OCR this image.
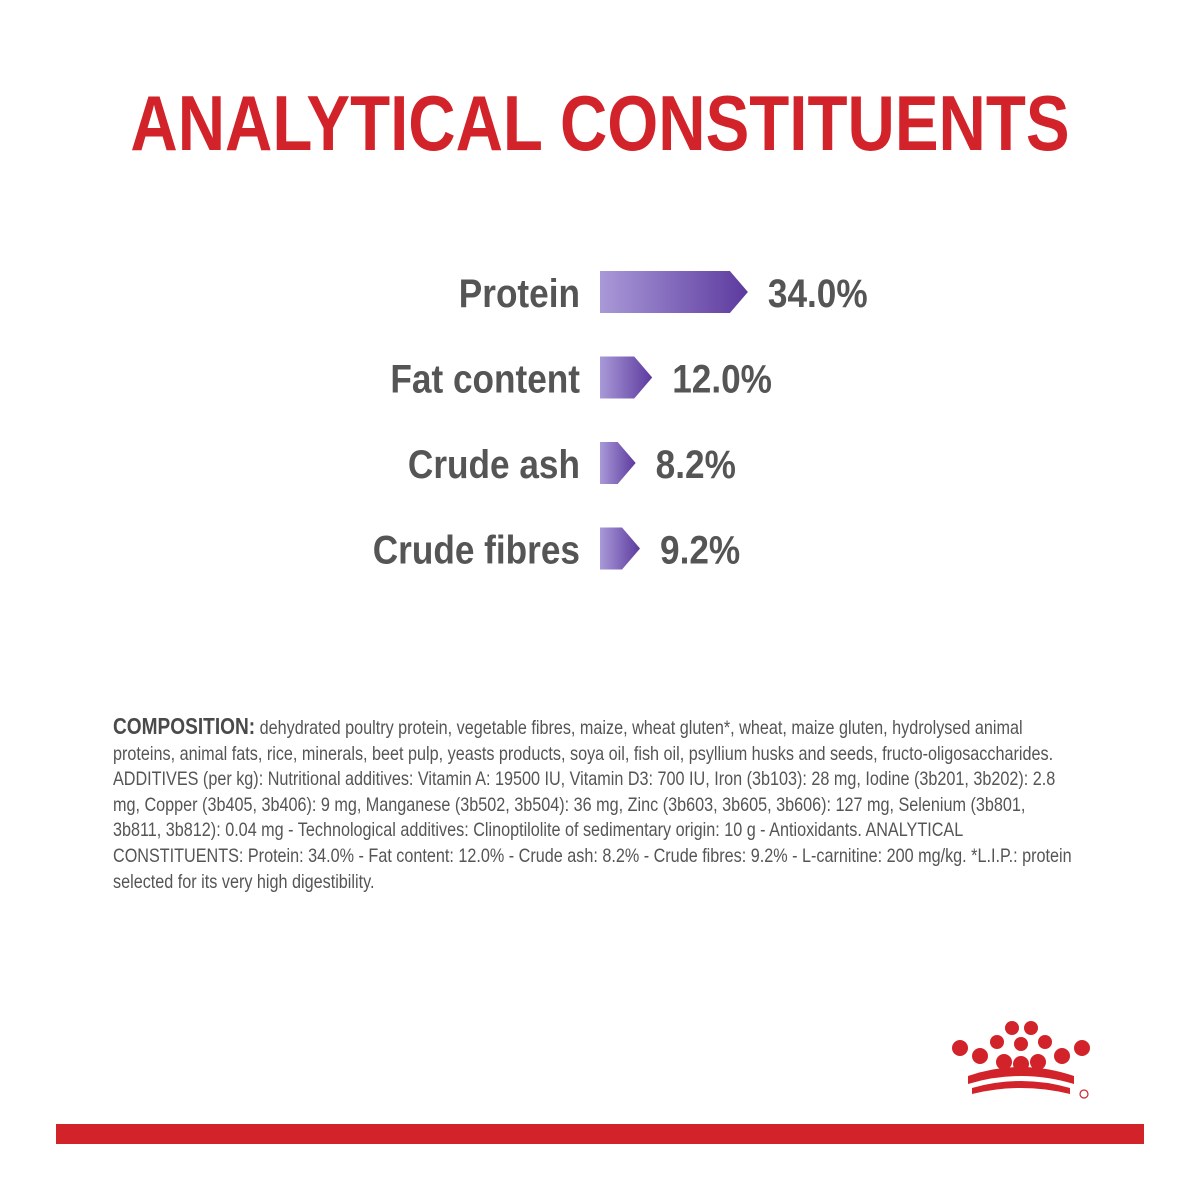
ANALYTICAL CONSTITUENTS
Protein	34.0%
Fat content 12.0%
Crude ash 8.2%
Crude fibres 9.2%
COMPOSITION: dehydrated poultry protein, vegetable fibres, maize, wheat gluten*, wheat, maize gluten, hydrolysed animal proteins, animal fats, rice, minerals, beet pulp, yeasts products, soya oil, fish oil, psyllium husks and seeds, fructo-oligosaccharides. ADDITIVES (per kg): Nutritional additives: Vitamin A: 19500 IU, Vitamin D3: 700 IU, Iron (3b103): 28 mg, Iodine (3b201, 3b202): 2.8 mg, Copper (3b405, 3b406): 9 mg, Manganese (3b502, 3b504): 36 mg, Zinc (3b603, 3b605, 3b606): 127 mg, Selenium (3b801, 3b811, 3b812): 0.04 mg - Technological additives: Clinoptilolite of sedimentary origin: 10 g - Antioxidants. ANALYTICAL CONSTITUENTS: Protein: 34.0% - Fat content: 12.0% - Crude ash: 8.2% - Crude fibres: 9.2% - L-carnitine: 200 mg/kg. *L.I.P.: protein selected for its very high digestibility.
